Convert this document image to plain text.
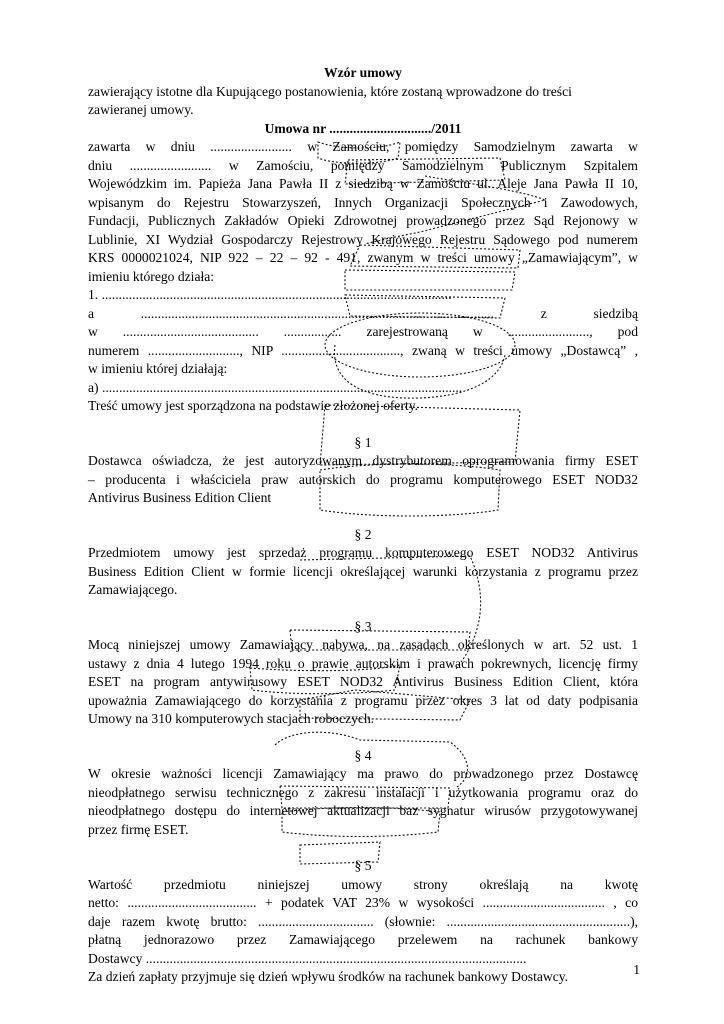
Wzór umowy

zawierający istotne dla Kupującego postanowienia, które zostaną wprowadzone do treści

zawieranej umowy.

Umowa nr ............................../2011

zawarta w dniu ........................ w Zamościu, pomiędzy Samodzielnym zawarta w

dniu ........................ w Zamościu, pomiędzy Samodzielnym Publicznym Szpitalem

Wojewódzkim im. Papieża Jana Pawła II z siedzibą w Zamościu ul. Aleje Jana Pawła II 10,

wpisanym do Rejestru Stowarzyszeń, Innych Organizacji Społecznych i Zawodowych,

Fundacji, Publicznych Zakładów Opieki Zdrowotnej prowadzonego przez Sąd Rejonowy w

Lublinie, XI Wydział Gospodarczy Rejestrowy Krajowego Rejestru Sądowego pod numerem

KRS 0000021024, NIP 922 – 22 – 92 - 491, zwanym w treści umowy „Zamawiającym”, w

imieniu którego działa:

1. .......................................................................................................

a ........................................................................................................ z siedzibą

w ........................................ ................. zarejestrowaną w ........................, pod

numerem ..........................., NIP ..................................., zwaną w treści umowy „Dostawcą” ,

w imieniu której działają:

a) ..........................................................................................................

Treść umowy jest sporządzona na podstawie złożonej oferty.

§ 1

Dostawca oświadcza, że jest autoryzowanym dystrybutorem oprogramowania firmy ESET

– producenta i właściciela praw autorskich do programu komputerowego ESET NOD32

Antivirus Business Edition Client

§ 2

Przedmiotem umowy jest sprzedaż programu komputerowego ESET NOD32 Antivirus

Business Edition Client w formie licencji określającej warunki korzystania z programu przez

Zamawiającego.

§ 3

Mocą niniejszej umowy Zamawiający nabywa, na zasadach określonych w art. 52 ust. 1

ustawy z dnia 4 lutego 1994 roku o prawie autorskim i prawach pokrewnych, licencję firmy

ESET na program antywirusowy ESET NOD32 Antivirus Business Edition Client, która

upoważnia Zamawiającego do korzystania z programu przez okres 3 lat od daty podpisania

Umowy na 310 komputerowych stacjach roboczych.

§ 4

W okresie ważności licencji Zamawiający ma prawo do prowadzonego przez Dostawcę

nieodpłatnego serwisu technicznego z zakresu instalacji i użytkowania programu oraz do

nieodpłatnego dostępu do internetowej aktualizacji baz sygnatur wirusów przygotowywanej

przez firmę ESET.

§ 5

Wartość przedmiotu niniejszej umowy strony określają na kwotę

netto: ...................................... + podatek VAT 23% w wysokości .................................... , co

daje razem kwotę brutto: .................................. (słownie: ......................................................),

płatną jednorazowo przez Zamawiającego przelewem na rachunek bankowy

Dostawcy ................................................................................................................

Za dzień zapłaty przyjmuje się dzień wpływu środków na rachunek bankowy Dostawcy.	1
